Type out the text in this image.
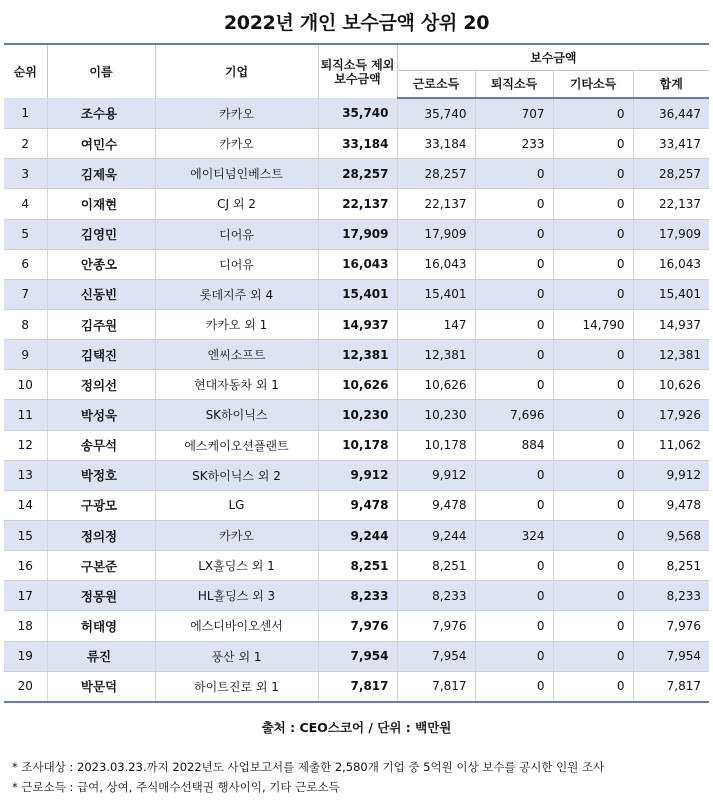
2022년 개인 보수금액 상위 20
순위	이름	기업	퇴직소득 제외 보수금액	보수금액			
				근로소득	퇴직소득	기타소득	합계
1	조수용	카카오	35,740	35,740	707	0	36,447
2	여민수	카카오	33,184	33,184	233	0	33,417
3	김제욱	에이티넘인베스트	28,257	28,257	0	0	28,257
4	이재현	CJ 외 2	22,137	22,137	0	0	22,137
5	김영민	디어유	17,909	17,909	0	0	17,909
6	안종오	디어유	16,043	16,043	0	0	16,043
7	신동빈	롯데지주 외 4	15,401	15,401	0	0	15,401
8	김주원	카카오 외 1	14,937	147	0	14,790	14,937
9	김택진	엔씨소프트	12,381	12,381	0	0	12,381
10	정의선	현대자동차 외 1	10,626	10,626	0	0	10,626
11	박성욱	SK하이닉스	10,230	10,230	7,696	0	17,926
12	송무석	에스케이오션플랜트	10,178	10,178	884	0	11,062
13	박정호	SK하이닉스 외 2	9,912	9,912	0	0	9,912
14	구광모	LG	9,478	9,478	0	0	9,478
15	정의정	카카오	9,244	9,244	324	0	9,568
16	구본준	LX홀딩스 외 1	8,251	8,251	0	0	8,251
17	정몽원	HL홀딩스 외 3	8,233	8,233	0	0	8,233
18	허태영	에스디바이오센서	7,976	7,976	0	0	7,976
19	류진	풍산 외 1	7,954	7,954	0	0	7,954
20	박문덕	하이트진로 외 1	7,817	7,817	0	0	7,817
출처 : CEO스코어 / 단위 : 백만원
* 조사대상 : 2023.03.23.까지 2022년도 사업보고서를 제출한 2,580개 기업 중 5억원 이상 보수를 공시한 인원 조사
* 근로소득 : 급여, 상여, 주식매수선택권 행사이익, 기타 근로소득
